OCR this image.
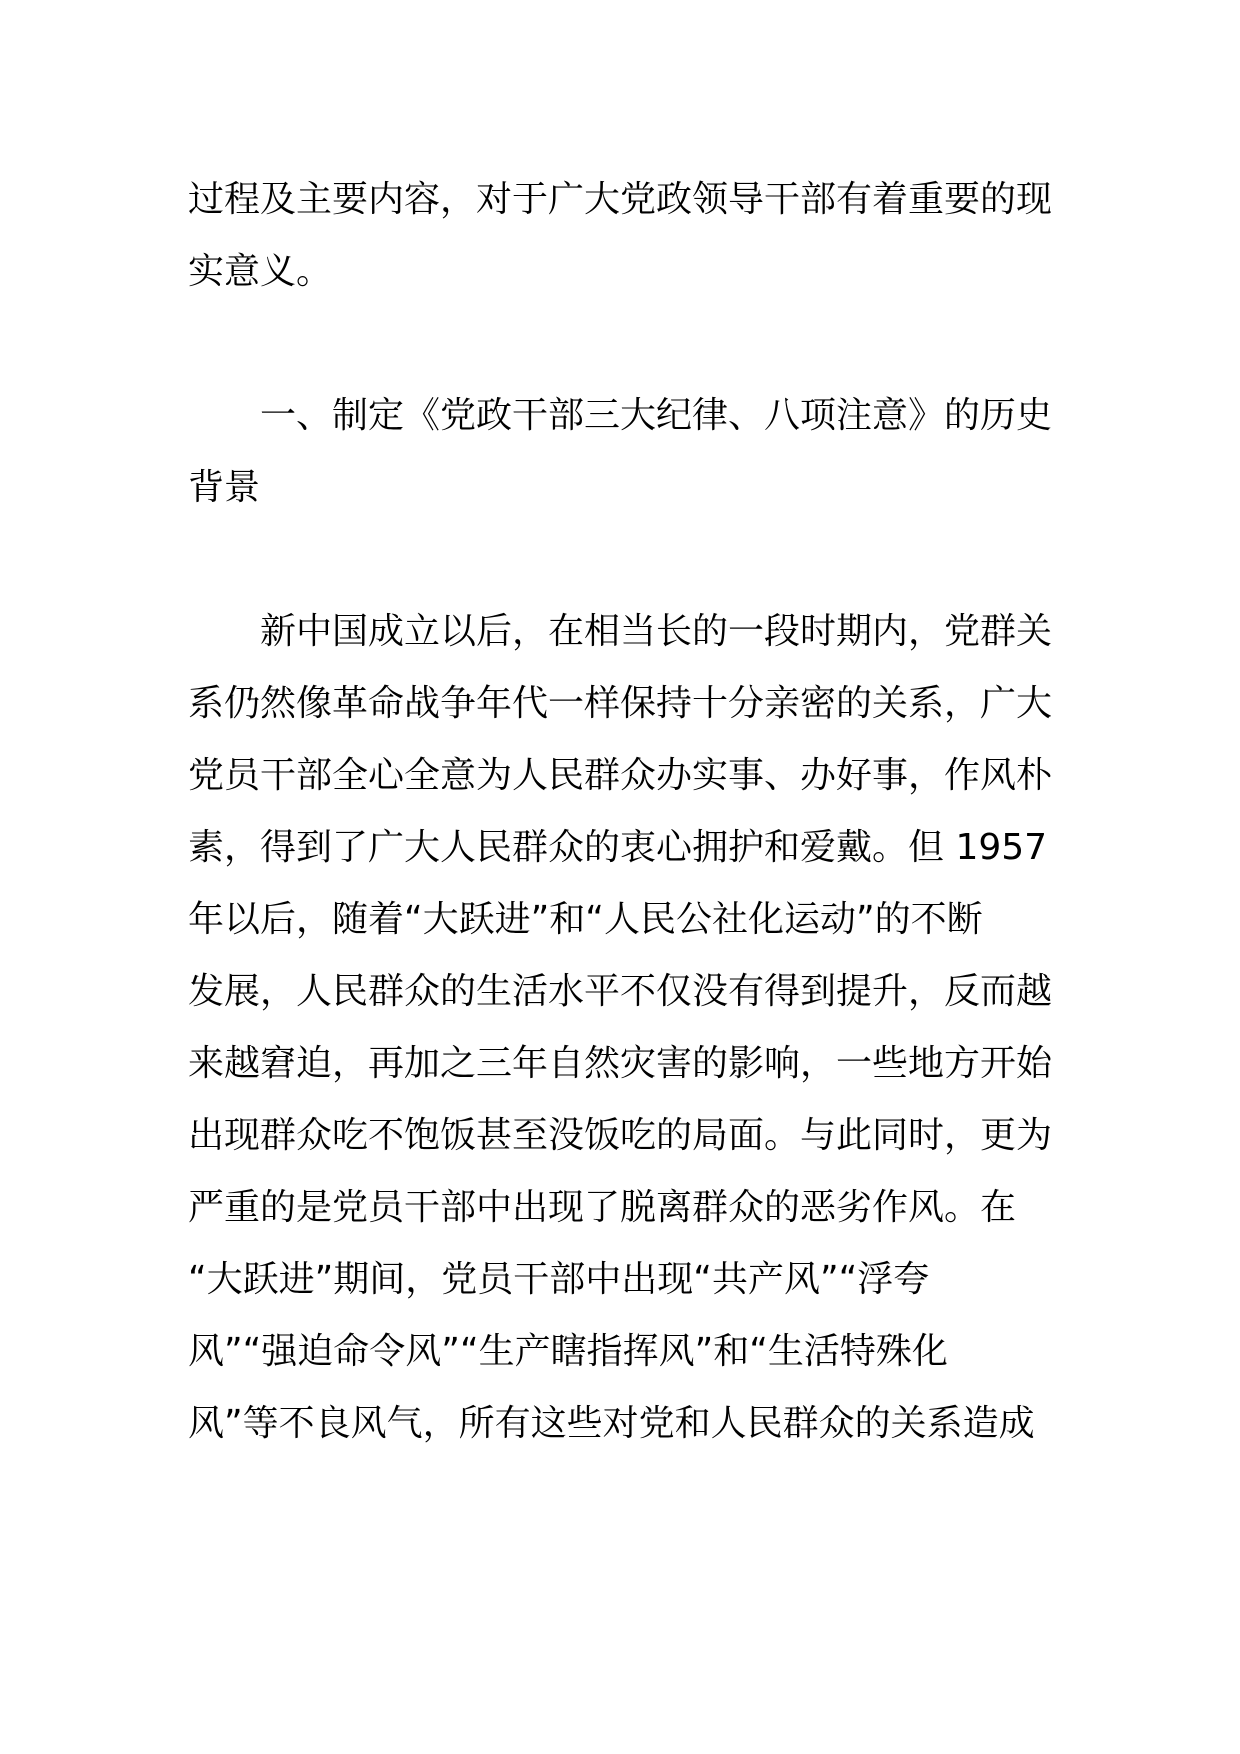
过程及主要内容，对于广大党政领导干部有着重要的现
实意义。
一、制定《党政干部三大纪律、八项注意》的历史
背景
新中国成立以后，在相当长的一段时期内，党群关
系仍然像革命战争年代一样保持十分亲密的关系，广大
党员干部全心全意为人民群众办实事、办好事，作风朴
素，得到了广大人民群众的衷心拥护和爱戴。但 1957
年以后，随着“大跃进”和“人民公社化运动”的不断
发展，人民群众的生活水平不仅没有得到提升，反而越
来越窘迫，再加之三年自然灾害的影响，一些地方开始
出现群众吃不饱饭甚至没饭吃的局面。与此同时，更为
严重的是党员干部中出现了脱离群众的恶劣作风。在
“大跃进”期间，党员干部中出现“共产风”“浮夸
风”“强迫命令风”“生产瞎指挥风”和“生活特殊化
风”等不良风气，所有这些对党和人民群众的关系造成
